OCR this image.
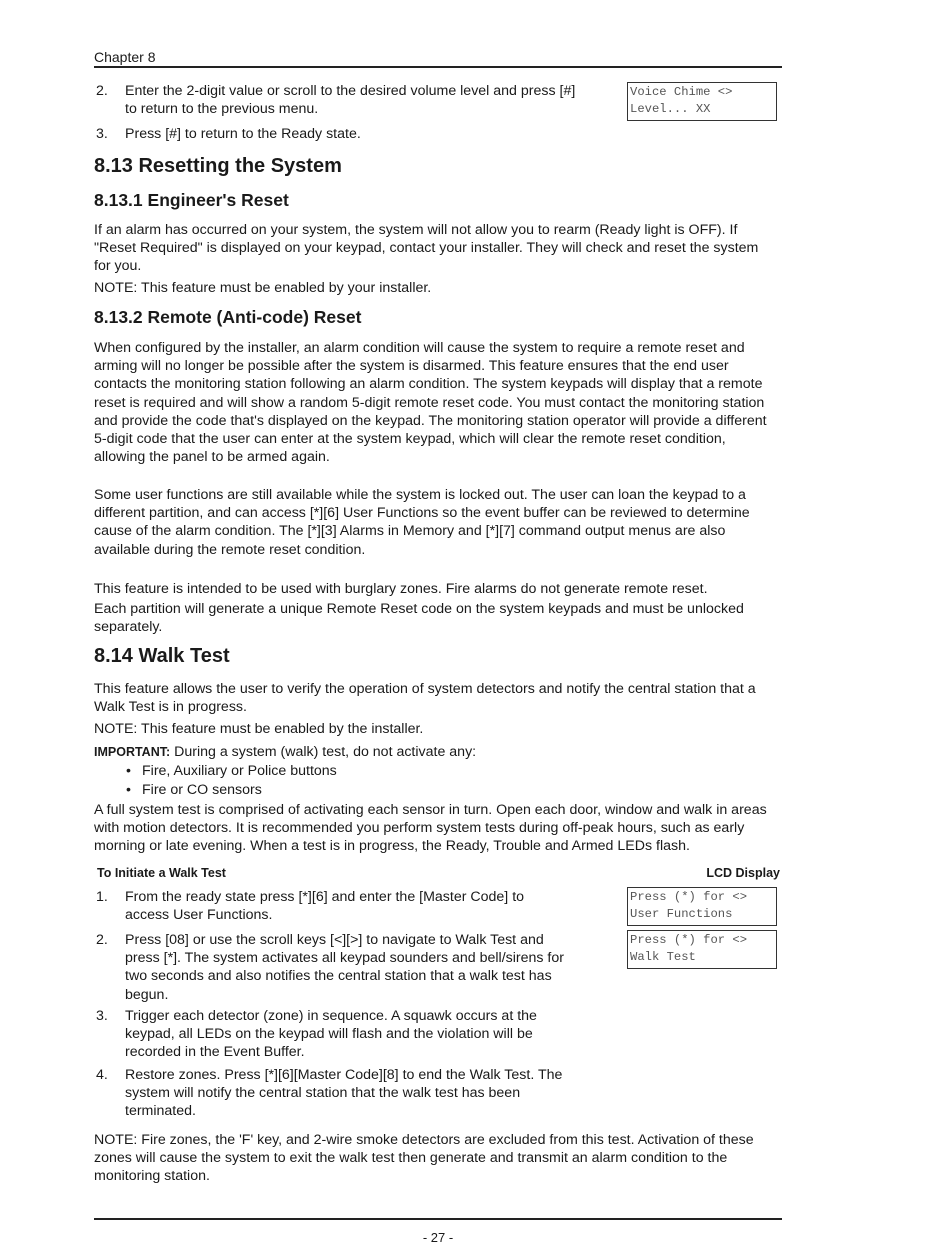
Chapter 8
2. Enter the 2-digit value or scroll to the desired volume level and press [#] to return to the previous menu.

3. Press [#] to return to the Ready state.

Voice Chime <>
Level... XX
8.13 Resetting the System
8.13.1 Engineer's Reset

If an alarm has occurred on your system, the system will not allow you to rearm (Ready light is OFF). If "Reset Required" is displayed on your keypad, contact your installer. They will check and reset the system for you.

NOTE: This feature must be enabled by your installer.

8.13.2 Remote (Anti-code) Reset

When configured by the installer, an alarm condition will cause the system to require a remote reset and arming will no longer be possible after the system is disarmed. This feature ensures that the end user contacts the monitoring station following an alarm condition. The system keypads will display that a remote reset is required and will show a random 5-digit remote reset code. You must contact the monitoring station and provide the code that's displayed on the keypad. The monitoring station operator will provide a different 5-digit code that the user can enter at the system keypad, which will clear the remote reset condition, allowing the panel to be armed again.

Some user functions are still available while the system is locked out. The user can loan the keypad to a different partition, and can access [*][6] User Functions so the event buffer can be reviewed to determine cause of the alarm condition. The [*][3] Alarms in Memory and [*][7] command output menus are also available during the remote reset condition.

This feature is intended to be used with burglary zones. Fire alarms do not generate remote reset.

Each partition will generate a unique Remote Reset code on the system keypads and must be unlocked separately.

8.14 Walk Test

This feature allows the user to verify the operation of system detectors and notify the central station that a Walk Test is in progress.

NOTE: This feature must be enabled by the installer.

IMPORTANT: During a system (walk) test, do not activate any:

• Fire, Auxiliary or Police buttons
• Fire or CO sensors

A full system test is comprised of activating each sensor in turn. Open each door, window and walk in areas with motion detectors. It is recommended you perform system tests during off-peak hours, such as early morning or late evening. When a test is in progress, the Ready, Trouble and Armed LEDs flash.

To Initiate a Walk Test	LCD Display
1. From the ready state press [*][6] and enter the [Master Code] to access User Functions.

2. Press [08] or use the scroll keys [<][>] to navigate to Walk Test and press [*]. The system activates all keypad sounders and bell/sirens for two seconds and also notifies the central station that a walk test has begun.

3. Trigger each detector (zone) in sequence. A squawk occurs at the keypad, all LEDs on the keypad will flash and the violation will be recorded in the Event Buffer.

4. Restore zones. Press [*][6][Master Code][8] to end the Walk Test. The system will notify the central station that the walk test has been terminated.

Press (*) for <>
User Functions
Press (*) for <>
Walk Test

NOTE: Fire zones, the 'F' key, and 2-wire smoke detectors are excluded from this test. Activation of these zones will cause the system to exit the walk test then generate and transmit an alarm condition to the monitoring station.

- 27 -
